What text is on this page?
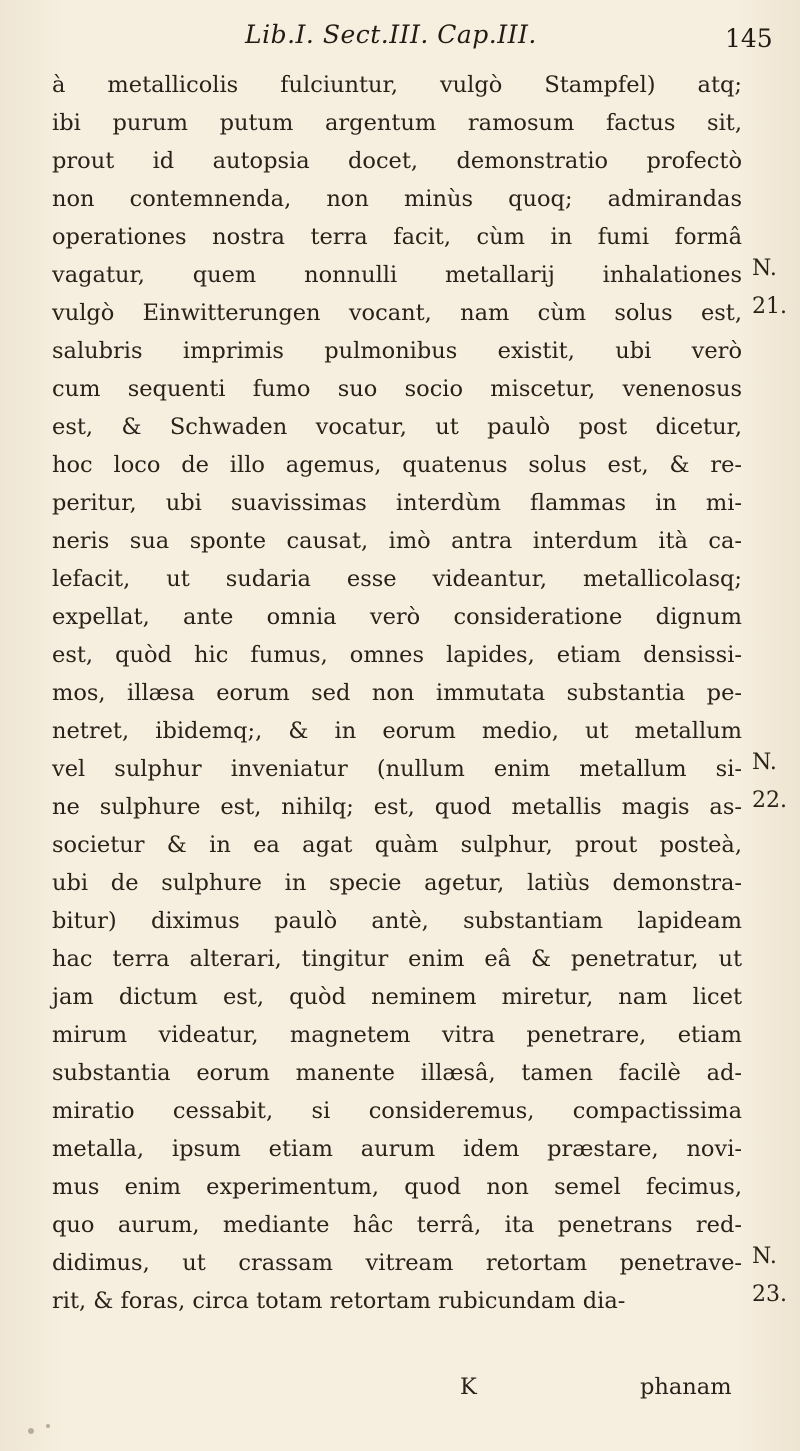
Lib.I. Sect.III. Cap.III.	145
à metallicolis fulciuntur, vulgò Stampfel) atq;
ibi purum putum argentum ramosum factus sit,
prout id autopsia docet, demonstratio profectò
non contemnenda, non minùs quoq; admirandas
operationes nostra terra facit, cùm in fumi formâ
vagatur, quem nonnulli metallarij inhalationes
vulgò Einwitterungen vocant, nam cùm solus est,
salubris imprimis pulmonibus existit, ubi verò
cum sequenti fumo suo socio miscetur, venenosus
est, & Schwaden vocatur, ut paulò post dicetur,
hoc loco de illo agemus, quatenus solus est, & re-
peritur, ubi suavissimas interdùm flammas in mi-
neris sua sponte causat, imò antra interdum ità ca-
lefacit, ut sudaria esse videantur, metallicolasq;
expellat, ante omnia verò consideratione dignum
est, quòd hic fumus, omnes lapides, etiam densissi-
mos, illæsa eorum sed non immutata substantia pe-
netret, ibidemq;, & in eorum medio, ut metallum
vel sulphur inveniatur (nullum enim metallum si-
ne sulphure est, nihilq; est, quod metallis magis as-
societur & in ea agat quàm sulphur, prout posteà,
ubi de sulphure in specie agetur, latiùs demonstra-
bitur) diximus paulò antè, substantiam lapideam
hac terra alterari, tingitur enim eâ & penetratur, ut
jam dictum est, quòd neminem miretur, nam licet
mirum videatur, magnetem vitra penetrare, etiam
substantia eorum manente illæsâ, tamen facilè ad-
miratio cessabit, si consideremus, compactissima
metalla, ipsum etiam aurum idem præstare, novi-
mus enim experimentum, quod non semel fecimus,
quo aurum, mediante hâc terrâ, ita penetrans red-
didimus, ut crassam vitream retortam penetrave-
rit, & foras, circa totam retortam rubicundam dia-
N.
21.
N.
22.
N.
23.
K	phanam
